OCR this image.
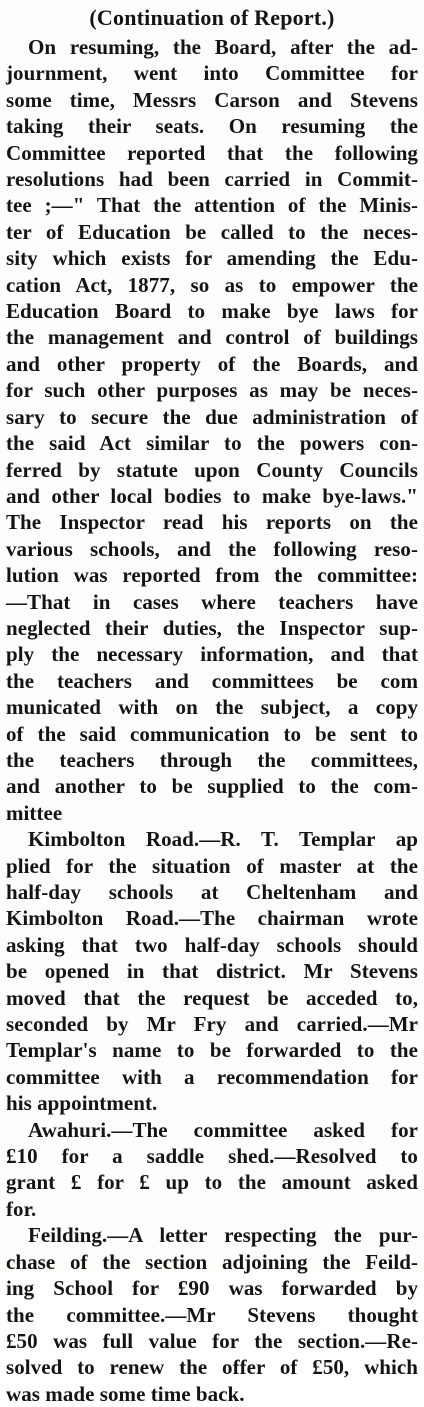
(Continuation of Report.)
On resuming, the Board, after the ad-
journment, went into Committee for
some time, Messrs Carson and Stevens
taking their seats. On resuming the
Committee reported that the following
resolutions had been carried in Commit-
tee ;—" That the attention of the Minis-
ter of Education be called to the neces-
sity which exists for amending the Edu-
cation Act, 1877, so as to empower the
Education Board to make bye laws for
the management and control of buildings
and other property of the Boards, and
for such other purposes as may be neces-
sary to secure the due administration of
the said Act similar to the powers con-
ferred by statute upon County Councils
and other local bodies to make bye-laws."
The Inspector read his reports on the
various schools, and the following reso-
lution was reported from the committee:
—That in cases where teachers have
neglected their duties, the Inspector sup-
ply the necessary information, and that
the teachers and committees be com
municated with on the subject, a copy
of the said communication to be sent to
the teachers through the committees,
and another to be supplied to the com-
mittee
Kimbolton Road.—R. T. Templar ap
plied for the situation of master at the
half-day schools at Cheltenham and
Kimbolton Road.—The chairman wrote
asking that two half-day schools should
be opened in that district. Mr Stevens
moved that the request be acceded to,
seconded by Mr Fry and carried.—Mr
Templar's name to be forwarded to the
committee with a recommendation for
his appointment.
Awahuri.—The committee asked for
£10 for a saddle shed.—Resolved to
grant £ for £ up to the amount asked
for.
Feilding.—A letter respecting the pur-
chase of the section adjoining the Feild-
ing School for £90 was forwarded by
the committee.—Mr Stevens thought
£50 was full value for the section.—Re-
solved to renew the offer of £50, which
was made some time back.
